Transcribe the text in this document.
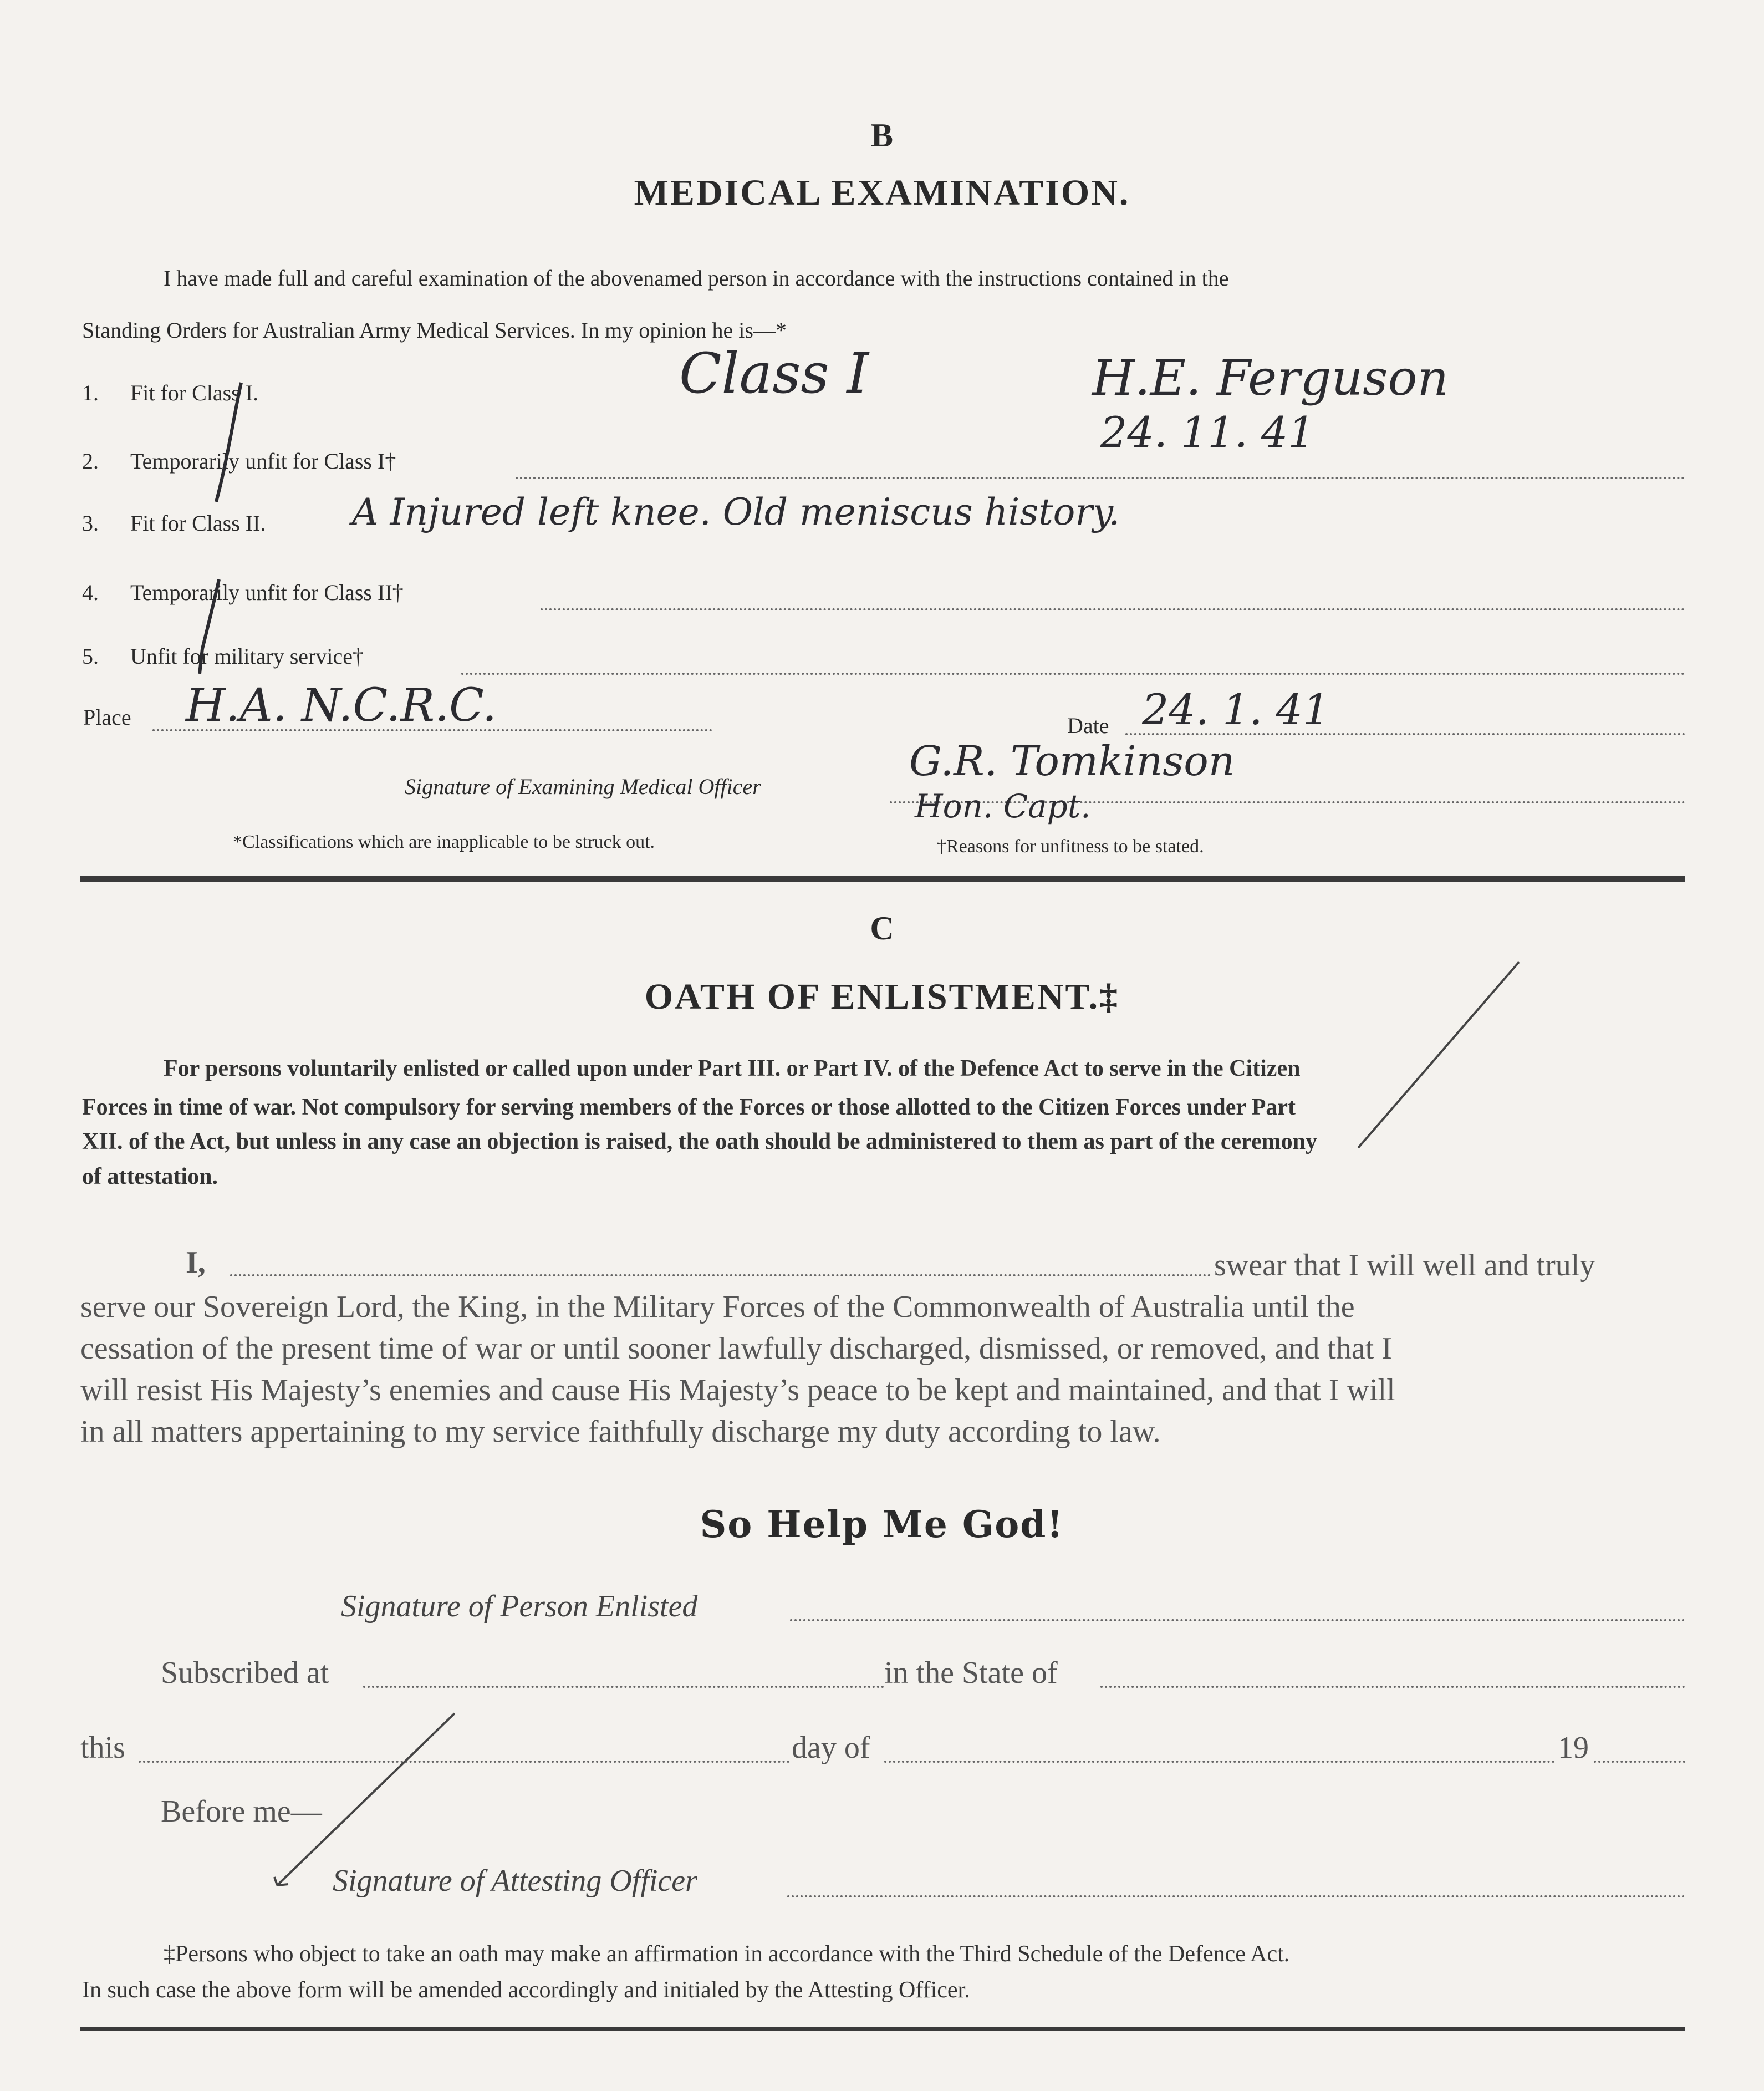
B
MEDICAL EXAMINATION.
I have made full and careful examination of the abovenamed person in accordance with the instructions contained in the
Standing Orders for Australian Army Medical Services. In my opinion he is—*
1. Fit for Class I.
2. Temporarily unfit for Class I†
3. Fit for Class II.
4. Temporarily unfit for Class II†
5. Unfit for military service†
Place	Date
Signature of Examining Medical Officer
*Classifications which are inapplicable to be struck out.	†Reasons for unfitness to be stated.
Class I	H.E. Ferguson
24. 11. 41
A Injured left knee. Old meniscus history.
H.A. N.C.R.C.	24. 1. 41
G.R. Tomkinson
Hon. Capt.
C
OATH OF ENLISTMENT.‡
For persons voluntarily enlisted or called upon under Part III. or Part IV. of the Defence Act to serve in the Citizen
Forces in time of war. Not compulsory for serving members of the Forces or those allotted to the Citizen Forces under Part
XII. of the Act, but unless in any case an objection is raised, the oath should be administered to them as part of the ceremony
of attestation.
I,	swear that I will well and truly
serve our Sovereign Lord, the King, in the Military Forces of the Commonwealth of Australia until the
cessation of the present time of war or until sooner lawfully discharged, dismissed, or removed, and that I
will resist His Majesty’s enemies and cause His Majesty’s peace to be kept and maintained, and that I will
in all matters appertaining to my service faithfully discharge my duty according to law.
So Help Me God!
Signature of Person Enlisted
Subscribed at	in the State of
this	day of	19
Before me—
Signature of Attesting Officer
‡Persons who object to take an oath may make an affirmation in accordance with the Third Schedule of the Defence Act.
In such case the above form will be amended accordingly and initialed by the Attesting Officer.
